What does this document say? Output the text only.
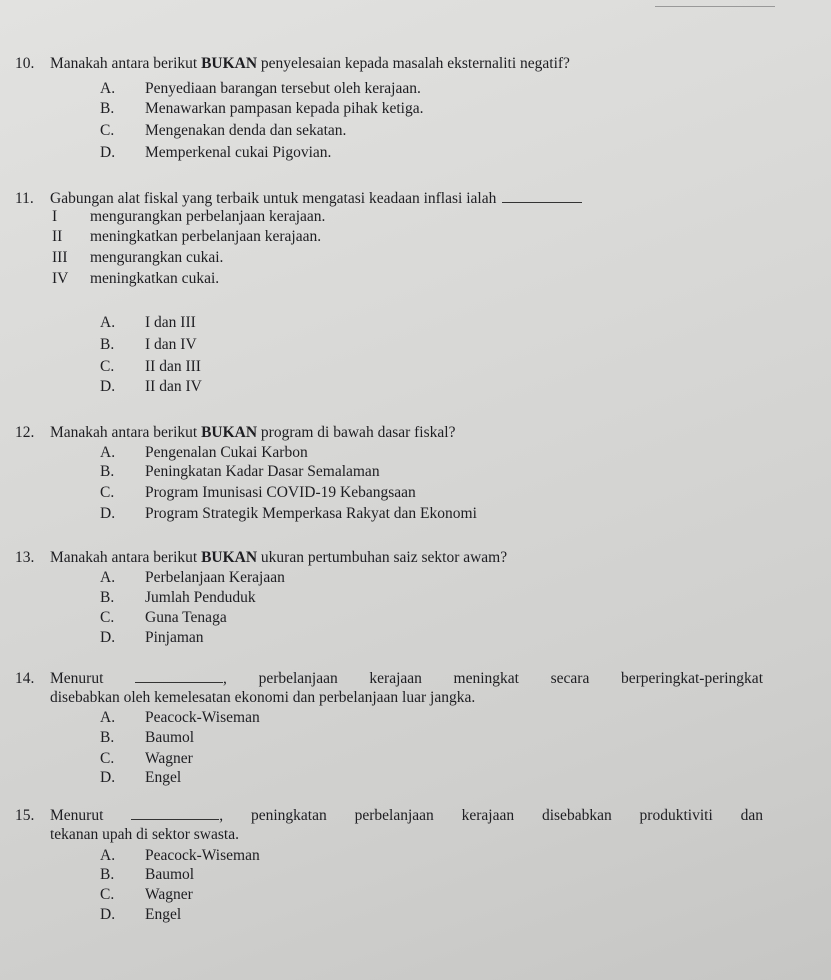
10. Manakah antara berikut BUKAN penyelesaian kepada masalah eksternaliti negatif?
A. Penyediaan barangan tersebut oleh kerajaan.
B. Menawarkan pampasan kepada pihak ketiga.
C. Mengenakan denda dan sekatan.
D. Memperkenal cukai Pigovian.
11. Gabungan alat fiskal yang terbaik untuk mengatasi keadaan inflasi ialah
I mengurangkan perbelanjaan kerajaan.
II meningkatkan perbelanjaan kerajaan.
III mengurangkan cukai.
IV meningkatkan cukai.
A. I dan III
B. I dan IV
C. II dan III
D. II dan IV
12. Manakah antara berikut BUKAN program di bawah dasar fiskal?
A. Pengenalan Cukai Karbon
B. Peningkatan Kadar Dasar Semalaman
C. Program Imunisasi COVID-19 Kebangsaan
D. Program Strategik Memperkasa Rakyat dan Ekonomi
13. Manakah antara berikut BUKAN ukuran pertumbuhan saiz sektor awam?
A. Perbelanjaan Kerajaan
B. Jumlah Penduduk
C. Guna Tenaga
D. Pinjaman
14. Menurut	, perbelanjaan kerajaan meningkat secara berperingkat-peringkat
disebabkan oleh kemelesatan ekonomi dan perbelanjaan luar jangka.
A. Peacock-Wiseman
B. Baumol
C. Wagner
D. Engel
15. Menurut	, peningkatan perbelanjaan kerajaan disebabkan produktiviti dan
tekanan upah di sektor swasta.
A. Peacock-Wiseman
B. Baumol
C. Wagner
D. Engel
